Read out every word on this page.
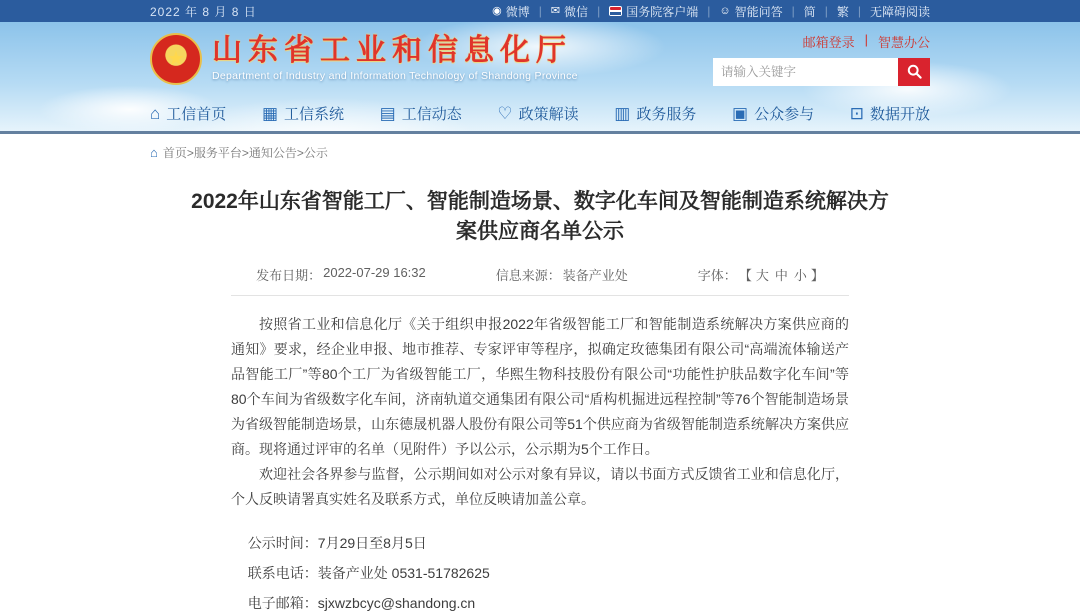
2022 年 8 月 8 日	◉ 微博 | ✉ 微信 | 国务院客户端 | ☺ 智能问答 | 简 | 繁 | 无障碍阅读
★ 山东省工业和信息化厅
Department of Industry and Information Technology of Shandong Province
邮箱登录 | 智慧办公
请输入关键字
⌂ 工信首页 ▦ 工信系统 ▤ 工信动态 ♡ 政策解读 ▥ 政务服务 ▣ 公众参与 ⊡ 数据开放
⌂ 首页>服务平台>通知公告>公示
2022年山东省智能工厂、智能制造场景、数字化车间及智能制造系统解决方案供应商名单公示
发布日期： 2022-07-29 16:32	信息来源： 装备产业处	字体： 【 大 中 小 】

按照省工业和信息化厅《关于组织申报2022年省级智能工厂和智能制造系统解决方案供应商的通知》要求，经企业申报、地市推荐、专家评审等程序，拟确定玫德集团有限公司“高端流体输送产品智能工厂”等80个工厂为省级智能工厂，华熙生物科技股份有限公司“功能性护肤品数字化车间”等80个车间为省级数字化车间，济南轨道交通集团有限公司“盾构机掘进远程控制”等76个智能制造场景为省级智能制造场景，山东德晟机器人股份有限公司等51个供应商为省级智能制造系统解决方案供应商。现将通过评审的名单（见附件）予以公示，公示期为5个工作日。

欢迎社会各界参与监督，公示期间如对公示对象有异议，请以书面方式反馈省工业和信息化厅，个人反映请署真实姓名及联系方式，单位反映请加盖公章。

公示时间：7月29日至8月5日

联系电话：装备产业处 0531-51782625

电子邮箱：sjxwzbcyc@shandong.cn
